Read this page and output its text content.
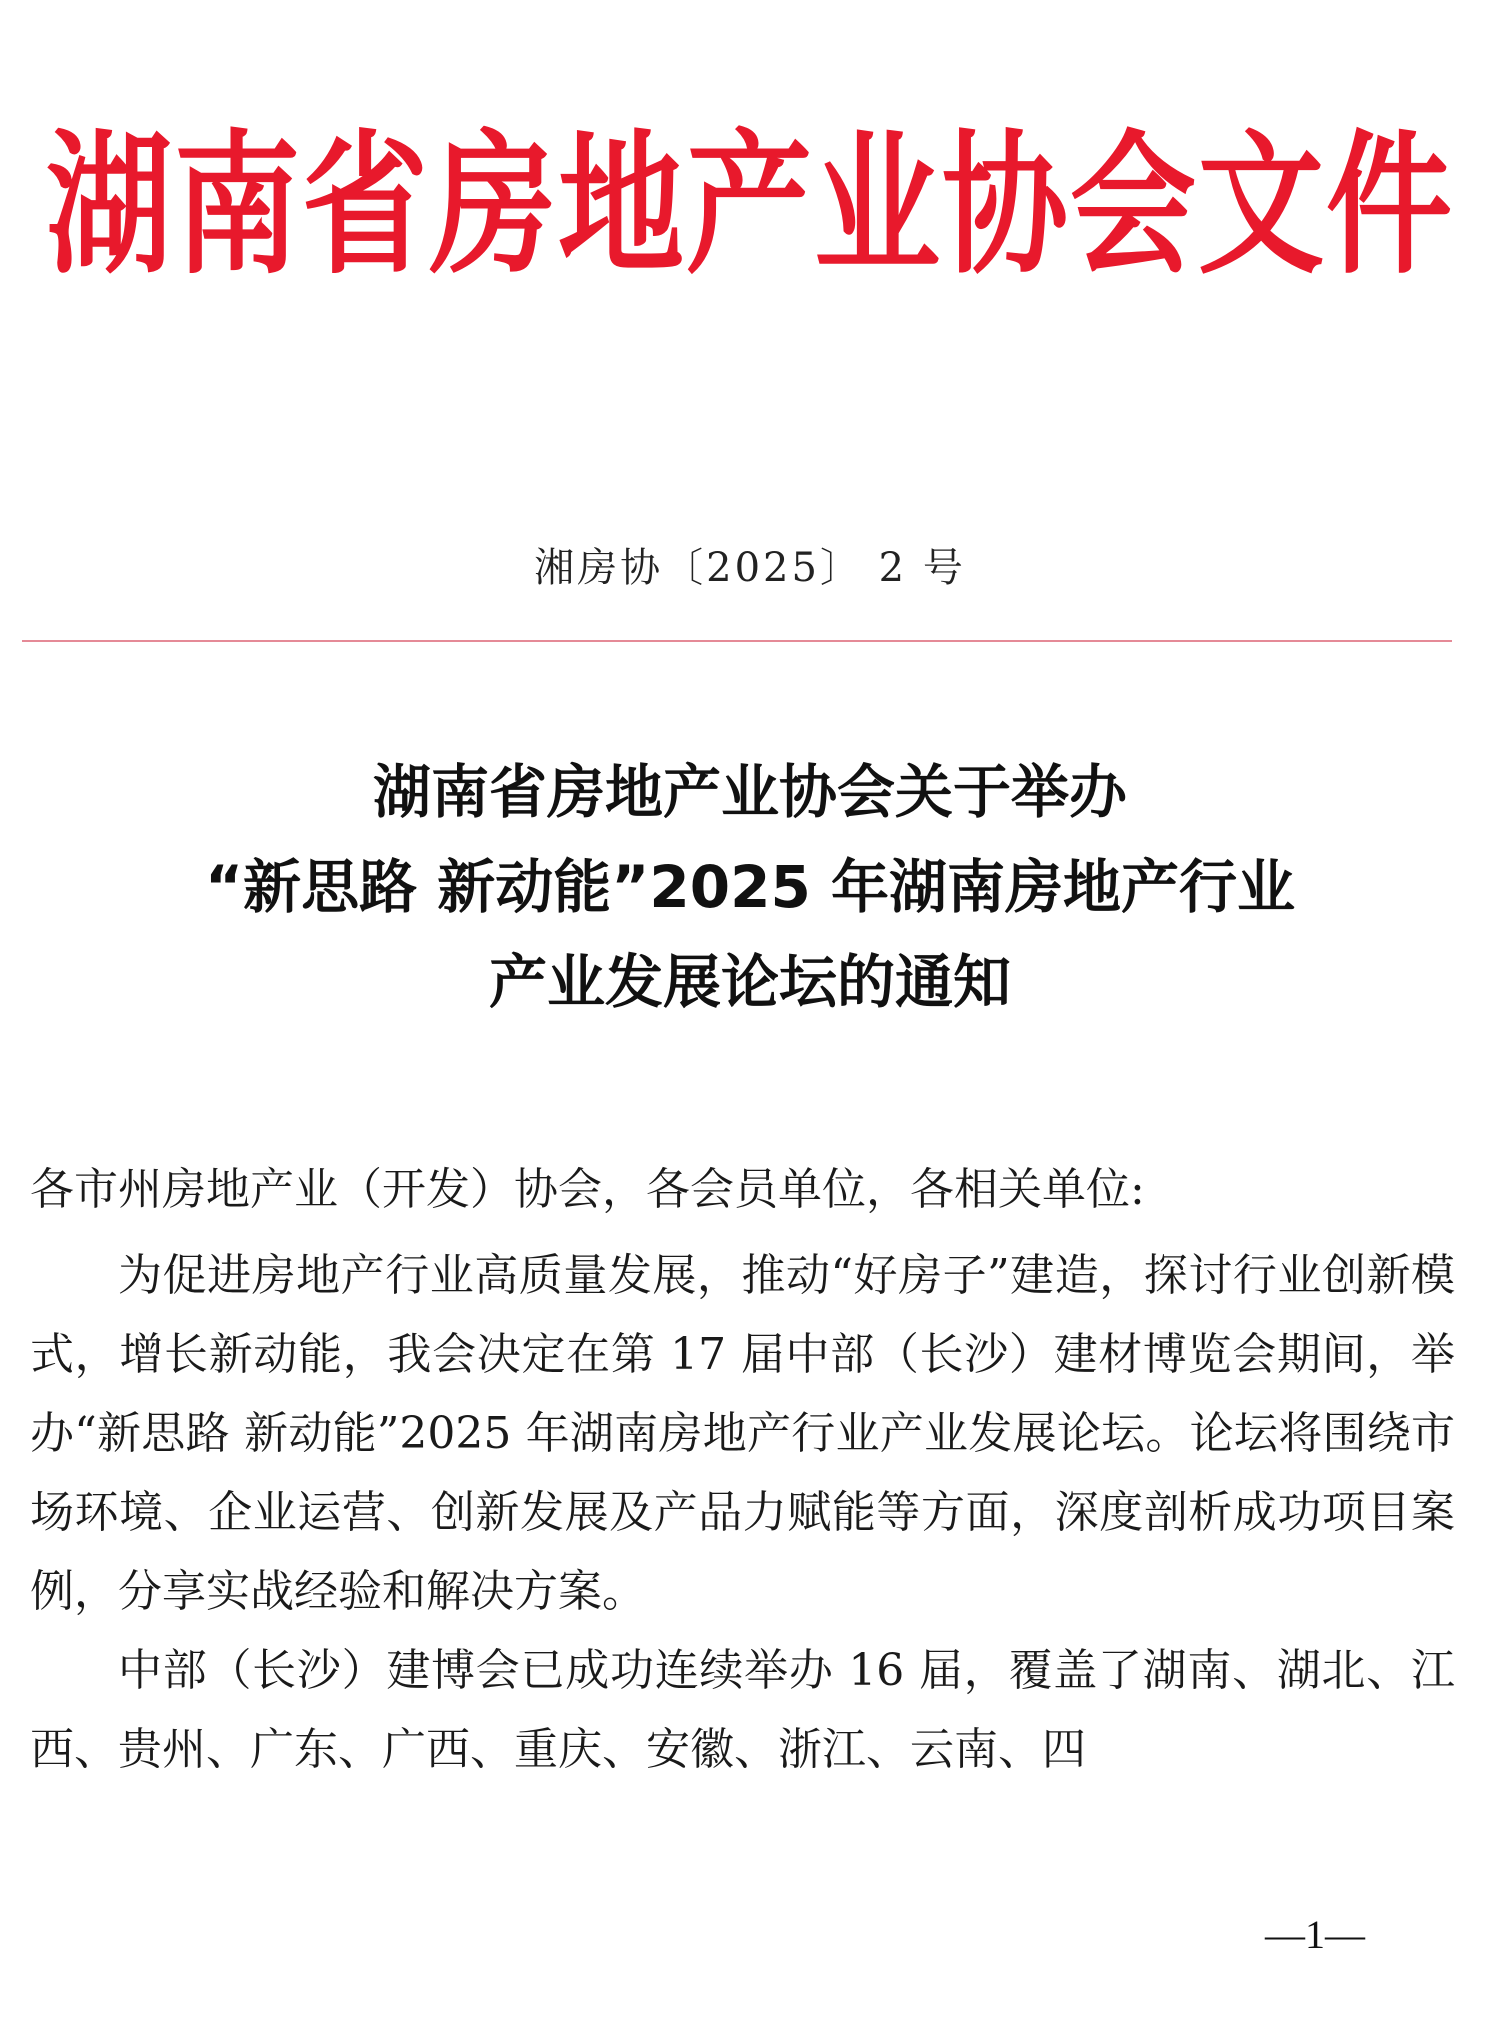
湖南省房地产业协会文件
湘房协〔2025〕 2 号
湖南省房地产业协会关于举办
“新思路 新动能”2025 年湖南房地产行业
产业发展论坛的通知
各市州房地产业（开发）协会，各会员单位，各相关单位:

为促进房地产行业高质量发展，推动“好房子”建造，探讨行业创新模式，增长新动能，我会决定在第 17 届中部（长沙）建材博览会期间，举办“新思路 新动能”2025 年湖南房地产行业产业发展论坛。论坛将围绕市场环境、企业运营、创新发展及产品力赋能等方面，深度剖析成功项目案例，分享实战经验和解决方案。

中部（长沙）建博会已成功连续举办 16 届，覆盖了湖南、湖北、江西、贵州、广东、广西、重庆、安徽、浙江、云南、四

—1—
